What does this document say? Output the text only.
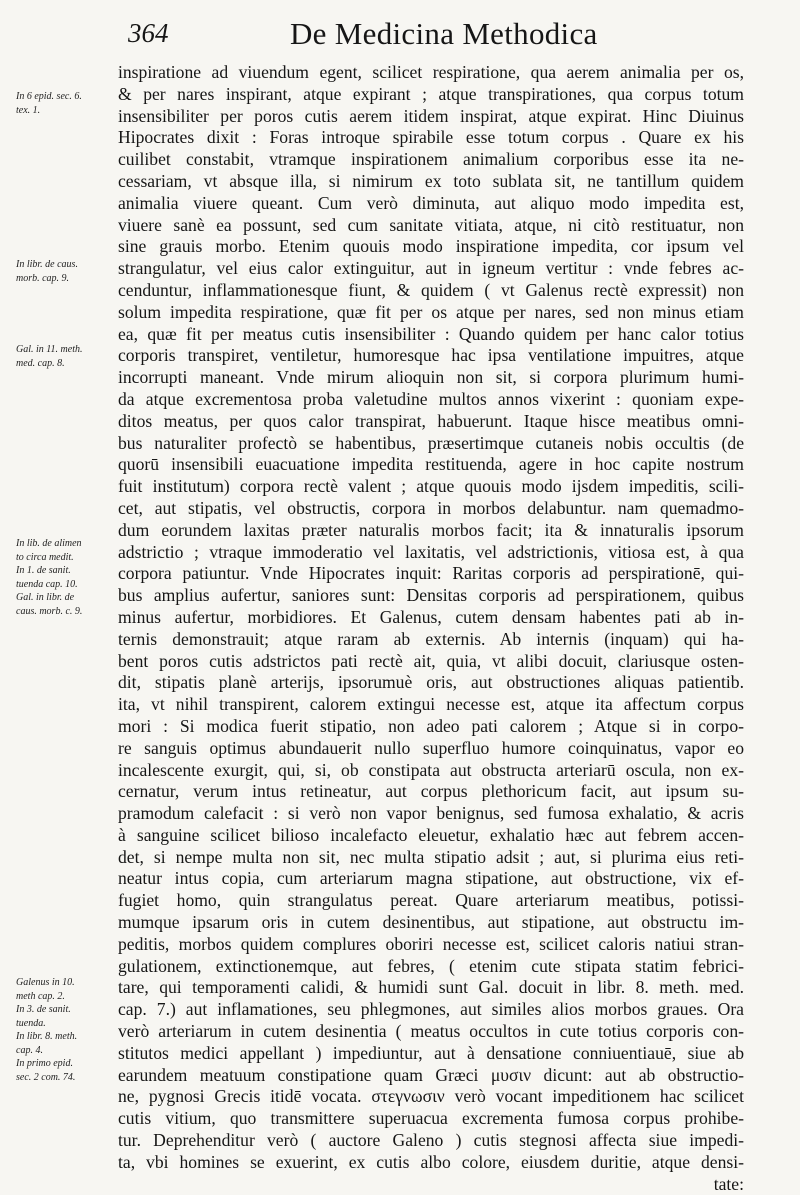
364	De Medicina Methodica
inspiratione ad viuendum egent, scilicet respiratione, qua aerem animalia per os,
& per nares inspirant, atque expirant ; atque transpirationes, qua corpus totum
insensibiliter per poros cutis aerem itidem inspirat, atque expirat. Hinc Diuinus
Hipocrates dixit : Foras introque spirabile esse totum corpus . Quare ex his
cuilibet constabit, vtramque inspirationem animalium corporibus esse ita ne-
cessariam, vt absque illa, si nimirum ex toto sublata sit, ne tantillum quidem
animalia viuere queant. Cum verò diminuta, aut aliquo modo impedita est,
viuere sanè ea possunt, sed cum sanitate vitiata, atque, ni citò restituatur, non
sine grauis morbo. Etenim quouis modo inspiratione impedita, cor ipsum vel
strangulatur, vel eius calor extinguitur, aut in igneum vertitur : vnde febres ac-
cenduntur, inflammationesque fiunt, & quidem ( vt Galenus rectè expressit) non
solum impedita respiratione, quæ fit per os atque per nares, sed non minus etiam
ea, quæ fit per meatus cutis insensibiliter : Quando quidem per hanc calor totius
corporis transpiret, ventiletur, humoresque hac ipsa ventilatione impuitres, atque
incorrupti maneant. Vnde mirum alioquin non sit, si corpora plurimum humi-
da atque excrementosa proba valetudine multos annos vixerint : quoniam expe-
ditos meatus, per quos calor transpirat, habuerunt. Itaque hisce meatibus omni-
bus naturaliter profectò se habentibus, præsertimque cutaneis nobis occultis (de
quorū insensibili euacuatione impedita restituenda, agere in hoc capite nostrum
fuit institutum) corpora rectè valent ; atque quouis modo ijsdem impeditis, scili-
cet, aut stipatis, vel obstructis, corpora in morbos delabuntur. nam quemadmo-
dum eorundem laxitas præter naturalis morbos facit; ita & innaturalis ipsorum
adstrictio ; vtraque immoderatio vel laxitatis, vel adstrictionis, vitiosa est, à qua
corpora patiuntur. Vnde Hipocrates inquit: Raritas corporis ad perspirationē, qui-
bus amplius aufertur, saniores sunt: Densitas corporis ad perspirationem, quibus
minus aufertur, morbidiores. Et Galenus, cutem densam habentes pati ab in-
ternis demonstrauit; atque raram ab externis. Ab internis (inquam) qui ha-
bent poros cutis adstrictos pati rectè ait, quia, vt alibi docuit, clariusque osten-
dit, stipatis planè arterijs, ipsorumuè oris, aut obstructiones aliquas patientib.
ita, vt nihil transpirent, calorem extingui necesse est, atque ita affectum corpus
mori : Si modica fuerit stipatio, non adeo pati calorem ; Atque si in corpo-
re sanguis optimus abundauerit nullo superfluo humore coinquinatus, vapor eo
incalescente exurgit, qui, si, ob constipata aut obstructa arteriarū oscula, non ex-
cernatur, verum intus retineatur, aut corpus plethoricum facit, aut ipsum su-
pramodum calefacit : si verò non vapor benignus, sed fumosa exhalatio, & acris
à sanguine scilicet bilioso incalefacto eleuetur, exhalatio hæc aut febrem accen-
det, si nempe multa non sit, nec multa stipatio adsit ; aut, si plurima eius reti-
neatur intus copia, cum arteriarum magna stipatione, aut obstructione, vix ef-
fugiet homo, quin strangulatus pereat. Quare arteriarum meatibus, potissi-
mumque ipsarum oris in cutem desinentibus, aut stipatione, aut obstructu im-
peditis, morbos quidem complures oboriri necesse est, scilicet caloris natiui stran-
gulationem, extinctionemque, aut febres, ( etenim cute stipata statim febrici-
tare, qui temporamenti calidi, & humidi sunt Gal. docuit in libr. 8. meth. med.
cap. 7.) aut inflamationes, seu phlegmones, aut similes alios morbos graues. Ora
verò arteriarum in cutem desinentia ( meatus occultos in cute totius corporis con-
stitutos medici appellant ) impediuntur, aut à densatione conniuentiauē, siue ab
earundem meatuum constipatione quam Græci μυσιν dicunt: aut ab obstructio-
ne, pygnosi Grecis itidē vocata. στεγνωσιν verò vocant impeditionem hac scilicet
cutis vitium, quo transmittere superuacua excrementa fumosa corpus prohibe-
tur. Deprehenditur verò ( auctore Galeno ) cutis stegnosi affecta siue impedi-
ta, vbi homines se exuerint, ex cutis albo colore, eiusdem duritie, atque densi-
tate:
In 6 epid. sec. 6.
tex. 1.
In libr. de caus.
morb. cap. 9.
Gal. in 11. meth.
med. cap. 8.
In lib. de alimen
to circa medit.
In 1. de sanit.
tuenda cap. 10.
Gal. in libr. de
caus. morb. c. 9.
Galenus in 10.
meth cap. 2.
In 3. de sanit.
tuenda.
In libr. 8. meth.
cap. 4.
In primo epid.
sec. 2 com. 74.
